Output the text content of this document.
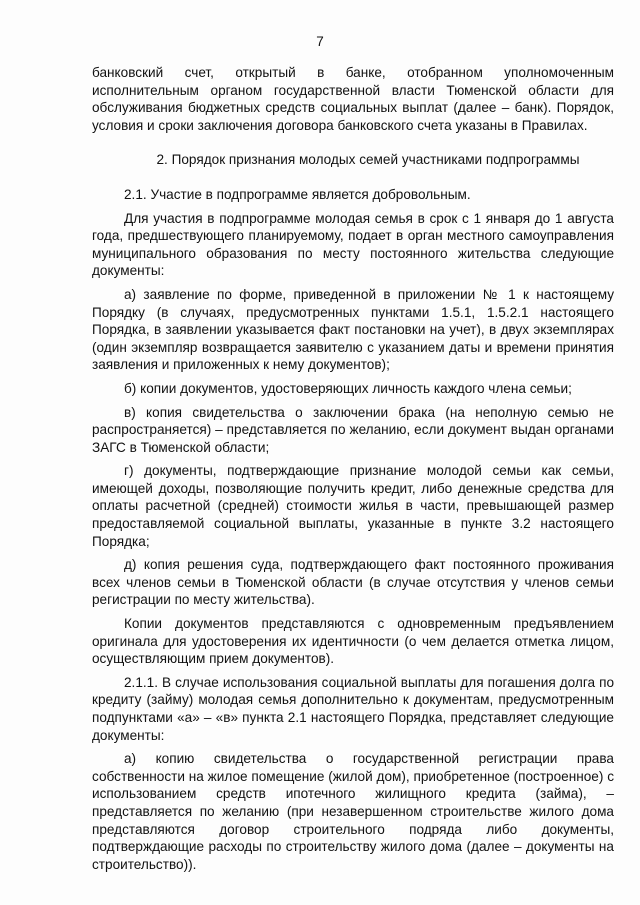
7

банковский счет, открытый в банке, отобранном уполномоченным исполнительным органом государственной власти Тюменской области для обслуживания бюджетных средств социальных выплат (далее – банк). Порядок, условия и сроки заключения договора банковского счета указаны в Правилах.

2. Порядок признания молодых семей участниками подпрограммы

2.1. Участие в подпрограмме является добровольным.

Для участия в подпрограмме молодая семья в срок с 1 января до 1 августа года, предшествующего планируемому, подает в орган местного самоуправления муниципального образования по месту постоянного жительства следующие документы:

а) заявление по форме, приведенной в приложении № 1 к настоящему Порядку (в случаях, предусмотренных пунктами 1.5.1, 1.5.2.1 настоящего Порядка, в заявлении указывается факт постановки на учет), в двух экземплярах (один экземпляр возвращается заявителю с указанием даты и времени принятия заявления и приложенных к нему документов);

б) копии документов, удостоверяющих личность каждого члена семьи;

в) копия свидетельства о заключении брака (на неполную семью не распространяется) – представляется по желанию, если документ выдан органами ЗАГС в Тюменской области;

г) документы, подтверждающие признание молодой семьи как семьи, имеющей доходы, позволяющие получить кредит, либо денежные средства для оплаты расчетной (средней) стоимости жилья в части, превышающей размер предоставляемой социальной выплаты, указанные в пункте 3.2 настоящего Порядка;

д) копия решения суда, подтверждающего факт постоянного проживания всех членов семьи в Тюменской области (в случае отсутствия у членов семьи регистрации по месту жительства).

Копии документов представляются с одновременным предъявлением оригинала для удостоверения их идентичности (о чем делается отметка лицом, осуществляющим прием документов).

2.1.1. В случае использования социальной выплаты для погашения долга по кредиту (займу) молодая семья дополнительно к документам, предусмотренным подпунктами «а» – «в» пункта 2.1 настоящего Порядка, представляет следующие документы:

а) копию свидетельства о государственной регистрации права собственности на жилое помещение (жилой дом), приобретенное (построенное) с использованием средств ипотечного жилищного кредита (займа), – представляется по желанию (при незавершенном строительстве жилого дома представляются договор строительного подряда либо документы, подтверждающие расходы по строительству жилого дома (далее – документы на строительство)).
